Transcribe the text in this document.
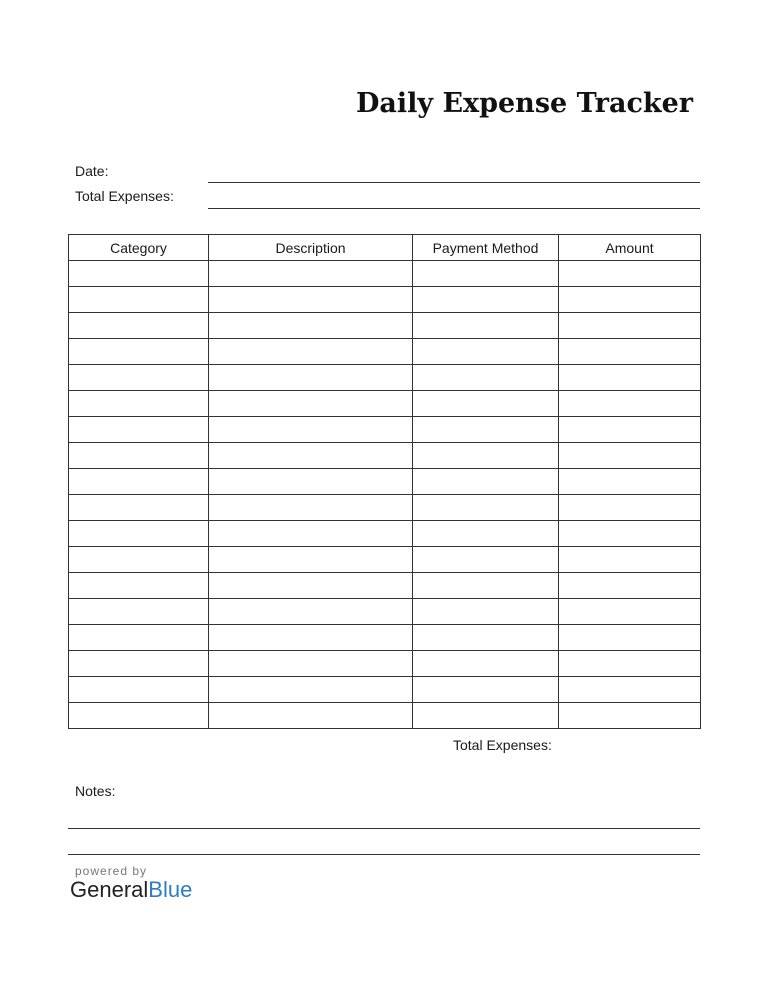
Daily Expense Tracker
Date:
Total Expenses:
Category	Description	Payment Method	Amount

Total Expenses:
Notes:
powered by
GeneralBlue
